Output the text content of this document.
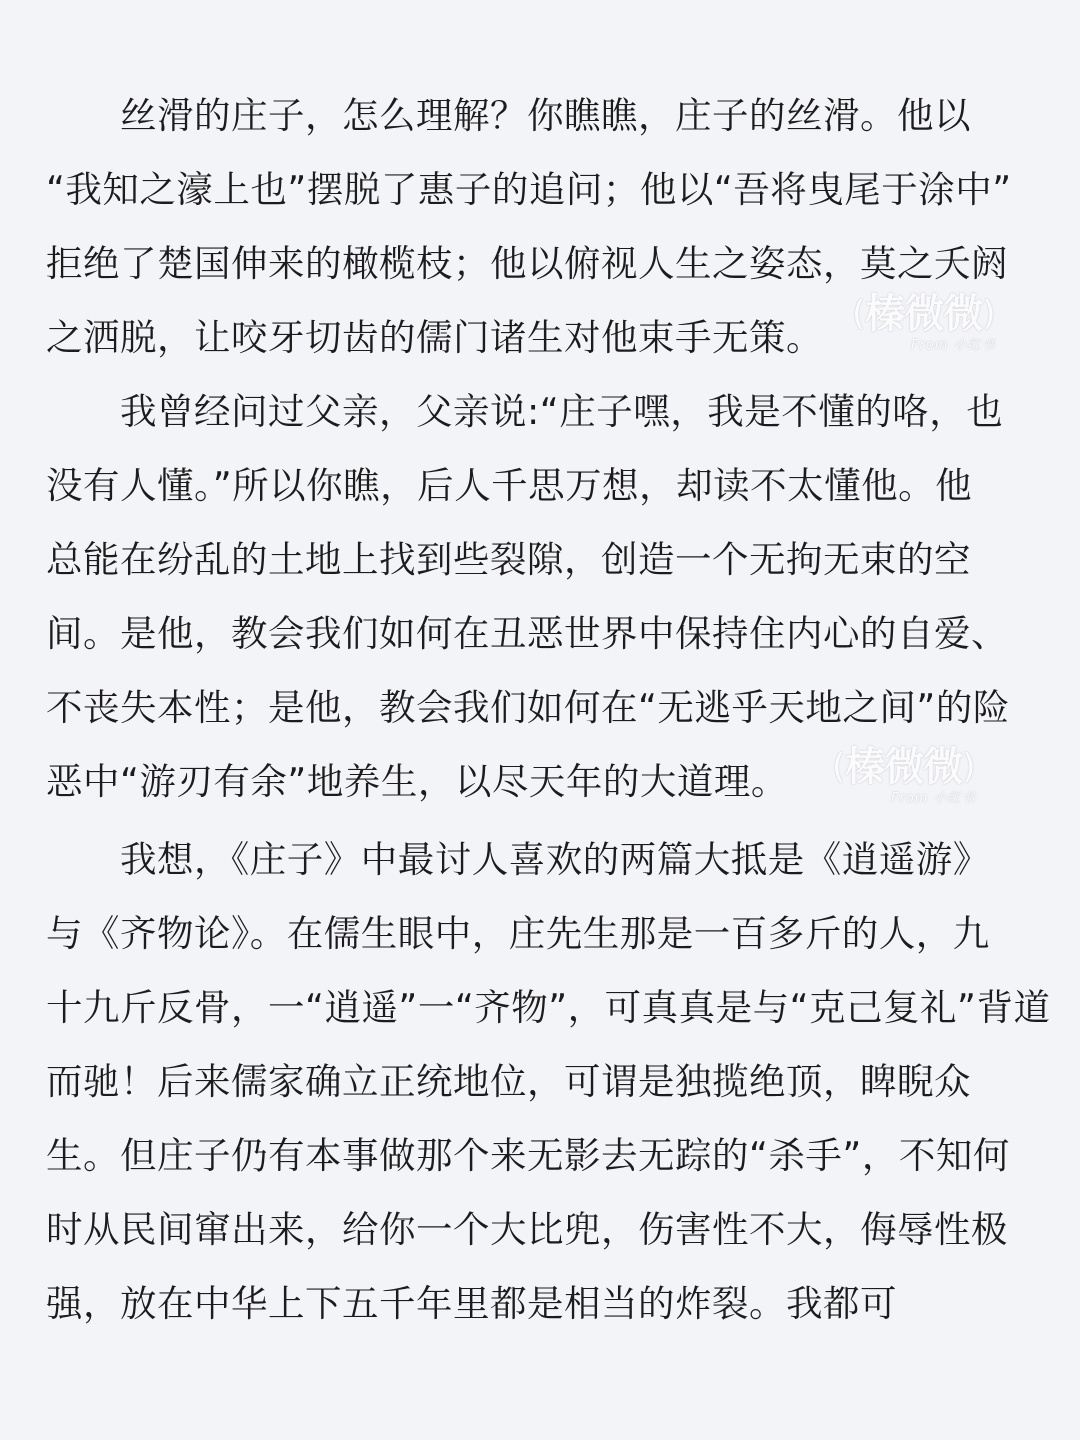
　　丝滑的庄子，怎么理解？你瞧瞧，庄子的丝滑。他以
“我知之濠上也”摆脱了惠子的追问；他以“吾将曳尾于涂中”
拒绝了楚国伸来的橄榄枝；他以俯视人生之姿态，莫之夭阏
之洒脱，让咬牙切齿的儒门诸生对他束手无策。
　　我曾经问过父亲，父亲说:“庄子嘿，我是不懂的咯，也
没有人懂。”所以你瞧，后人千思万想，却读不太懂他。他
总能在纷乱的土地上找到些裂隙，创造一个无拘无束的空
间。是他，教会我们如何在丑恶世界中保持住内心的自爱、
不丧失本性；是他，教会我们如何在“无逃乎天地之间”的险
恶中“游刃有余”地养生，以尽天年的大道理。
　　我想，《庄子》中最讨人喜欢的两篇大抵是《逍遥游》
与《齐物论》。在儒生眼中，庄先生那是一百多斤的人，九
十九斤反骨，一“逍遥”一“齐物”，可真真是与“克己复礼”背道
而驰！后来儒家确立正统地位，可谓是独揽绝顶，睥睨众
生。但庄子仍有本事做那个来无影去无踪的“杀手”，不知何
时从民间窜出来，给你一个大比兜，伤害性不大，侮辱性极
强，放在中华上下五千年里都是相当的炸裂。我都可
(榛微微)
From 小红书
(榛微微)
From 小红书
